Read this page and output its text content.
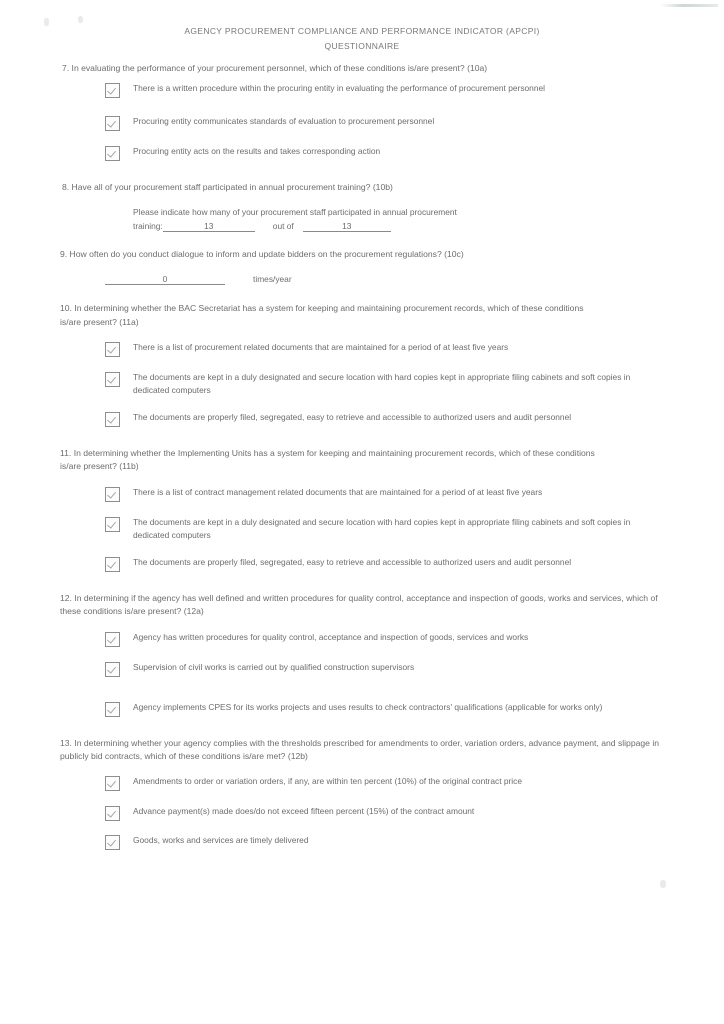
AGENCY PROCUREMENT COMPLIANCE AND PERFORMANCE INDICATOR (APCPI)
QUESTIONNAIRE

7. In evaluating the performance of your procurement personnel, which of these conditions is/are present? (10a)

There is a written procedure within the procuring entity in evaluating the performance of procurement personnel
Procuring entity communicates standards of evaluation to procurement personnel
Procuring entity acts on the results and takes corresponding action

8. Have all of your procurement staff participated in annual procurement training? (10b)

Please indicate how many of your procurement staff participated in annual procurement

training:	13	out of	13

9. How often do you conduct dialogue to inform and update bidders on the procurement regulations? (10c)

0	times/year

10. In determining whether the BAC Secretariat has a system for keeping and maintaining procurement records, which of these conditions is/are present? (11a)

There is a list of procurement related documents that are maintained for a period of at least five years
The documents are kept in a duly designated and secure location with hard copies kept in appropriate filing cabinets and soft copies in dedicated computers
The documents are properly filed, segregated, easy to retrieve and accessible to authorized users and audit personnel

11. In determining whether the Implementing Units has a system for keeping and maintaining procurement records, which of these conditions is/are present? (11b)

There is a list of contract management related documents that are maintained for a period of at least five years
The documents are kept in a duly designated and secure location with hard copies kept in appropriate filing cabinets and soft copies in dedicated computers
The documents are properly filed, segregated, easy to retrieve and accessible to authorized users and audit personnel

12. In determining if the agency has well defined and written procedures for quality control, acceptance and inspection of goods, works and services, which of these conditions is/are present? (12a)

Agency has written procedures for quality control, acceptance and inspection of goods, services and works
Supervision of civil works is carried out by qualified construction supervisors
Agency implements CPES for its works projects and uses results to check contractors' qualifications (applicable for works only)

13. In determining whether your agency complies with the thresholds prescribed for amendments to order, variation orders, advance payment, and slippage in publicly bid contracts, which of these conditions is/are met? (12b)

Amendments to order or variation orders, if any, are within ten percent (10%) of the original contract price
Advance payment(s) made does/do not exceed fifteen percent (15%) of the contract amount
Goods, works and services are timely delivered
